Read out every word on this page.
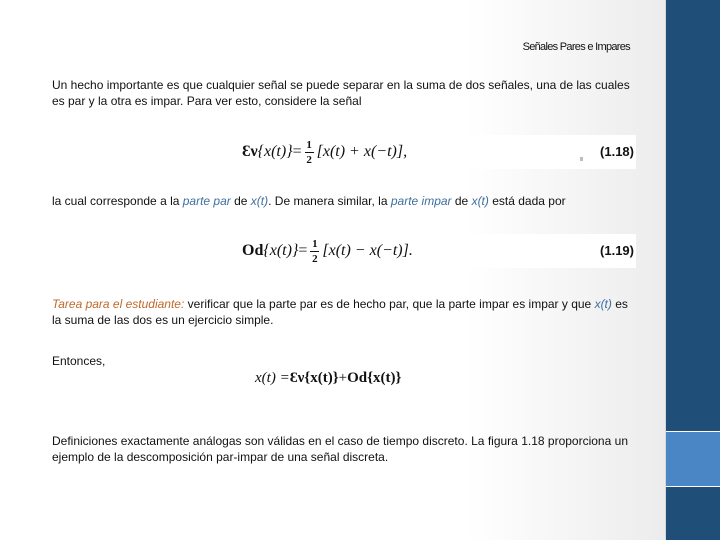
Señales Pares e Impares

Un hecho importante es que cualquier señal se puede separar en la suma de dos señales, una de las cuales es par y la otra es impar. Para ver esto, considere la señal

Ɛν $\{x(t)\} = \frac{1}{2} [x(t) + x(-t)]$,	(1.18)

la cual corresponde a la parte par de x(t). De manera similar, la parte impar de x(t) está dada por

Od $\{x(t)\} = \frac{1}{2} [x(t) - x(-t)]$.	(1.19)

Tarea para el estudiante: verificar que la parte par es de hecho par, que la parte impar es impar y que x(t) es la suma de las dos es un ejercicio simple.

Entonces,

x(t) = Ɛν{x(t)} + Od{x(t)}

Definiciones exactamente análogas son válidas en el caso de tiempo discreto. La figura 1.18 proporciona un ejemplo de la descomposición par-impar de una señal discreta.
